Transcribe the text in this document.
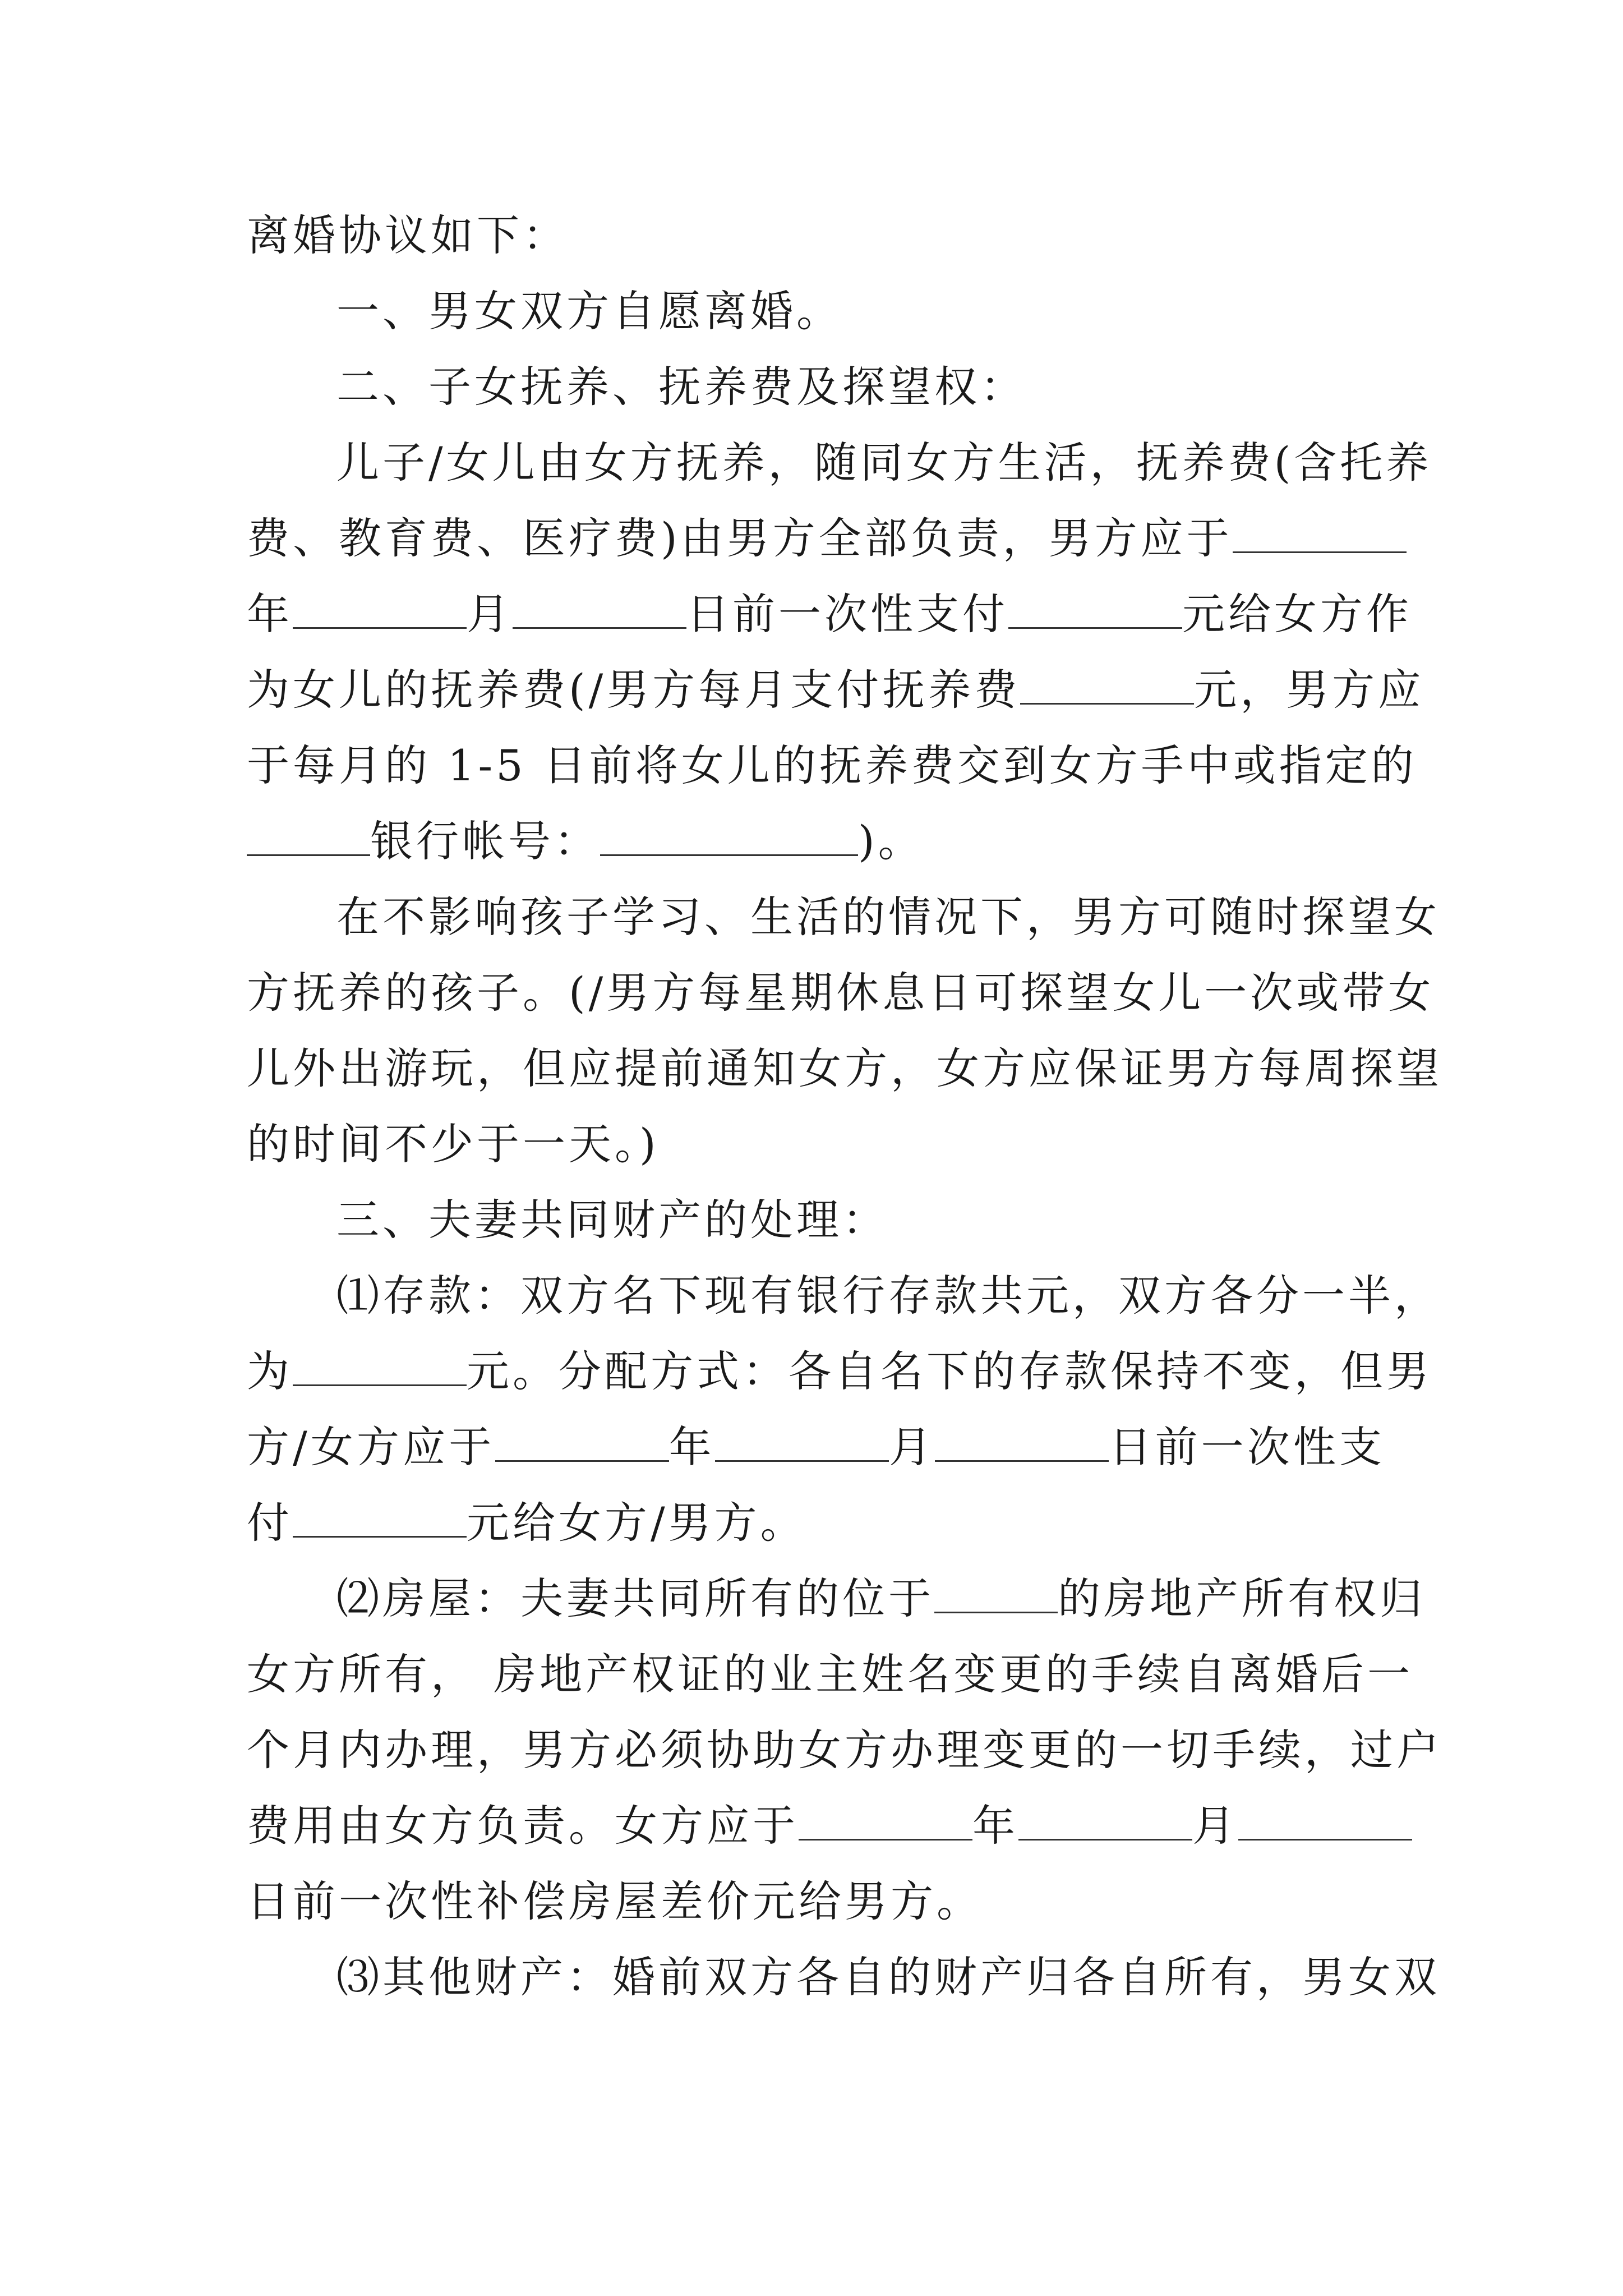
离婚协议如下：
一、男女双方自愿离婚。
二、子女抚养、抚养费及探望权：
儿子/女儿由女方抚养，随同女方生活，抚养费(含托养
费、教育费、医疗费)由男方全部负责，男方应于
年	月	日前一次性支付	元给女方作
为女儿的抚养费(/男方每月支付抚养费	元，男方应
于每月的 1-5 日前将女儿的抚养费交到女方手中或指定的
银行帐号：	)。
在不影响孩子学习、生活的情况下，男方可随时探望女
方抚养的孩子。(/男方每星期休息日可探望女儿一次或带女
儿外出游玩，但应提前通知女方，女方应保证男方每周探望
的时间不少于一天。)
三、夫妻共同财产的处理：
⑴存款：双方名下现有银行存款共元，双方各分一半，
为	元。分配方式：各自名下的存款保持不变，但男
方/女方应于	年	月	日前一次性支
付	元给女方/男方。
⑵房屋：夫妻共同所有的位于	的房地产所有权归
女方所有， 房地产权证的业主姓名变更的手续自离婚后一
个月内办理，男方必须协助女方办理变更的一切手续，过户
费用由女方负责。女方应于	年	月
日前一次性补偿房屋差价元给男方。
⑶其他财产：婚前双方各自的财产归各自所有，男女双
